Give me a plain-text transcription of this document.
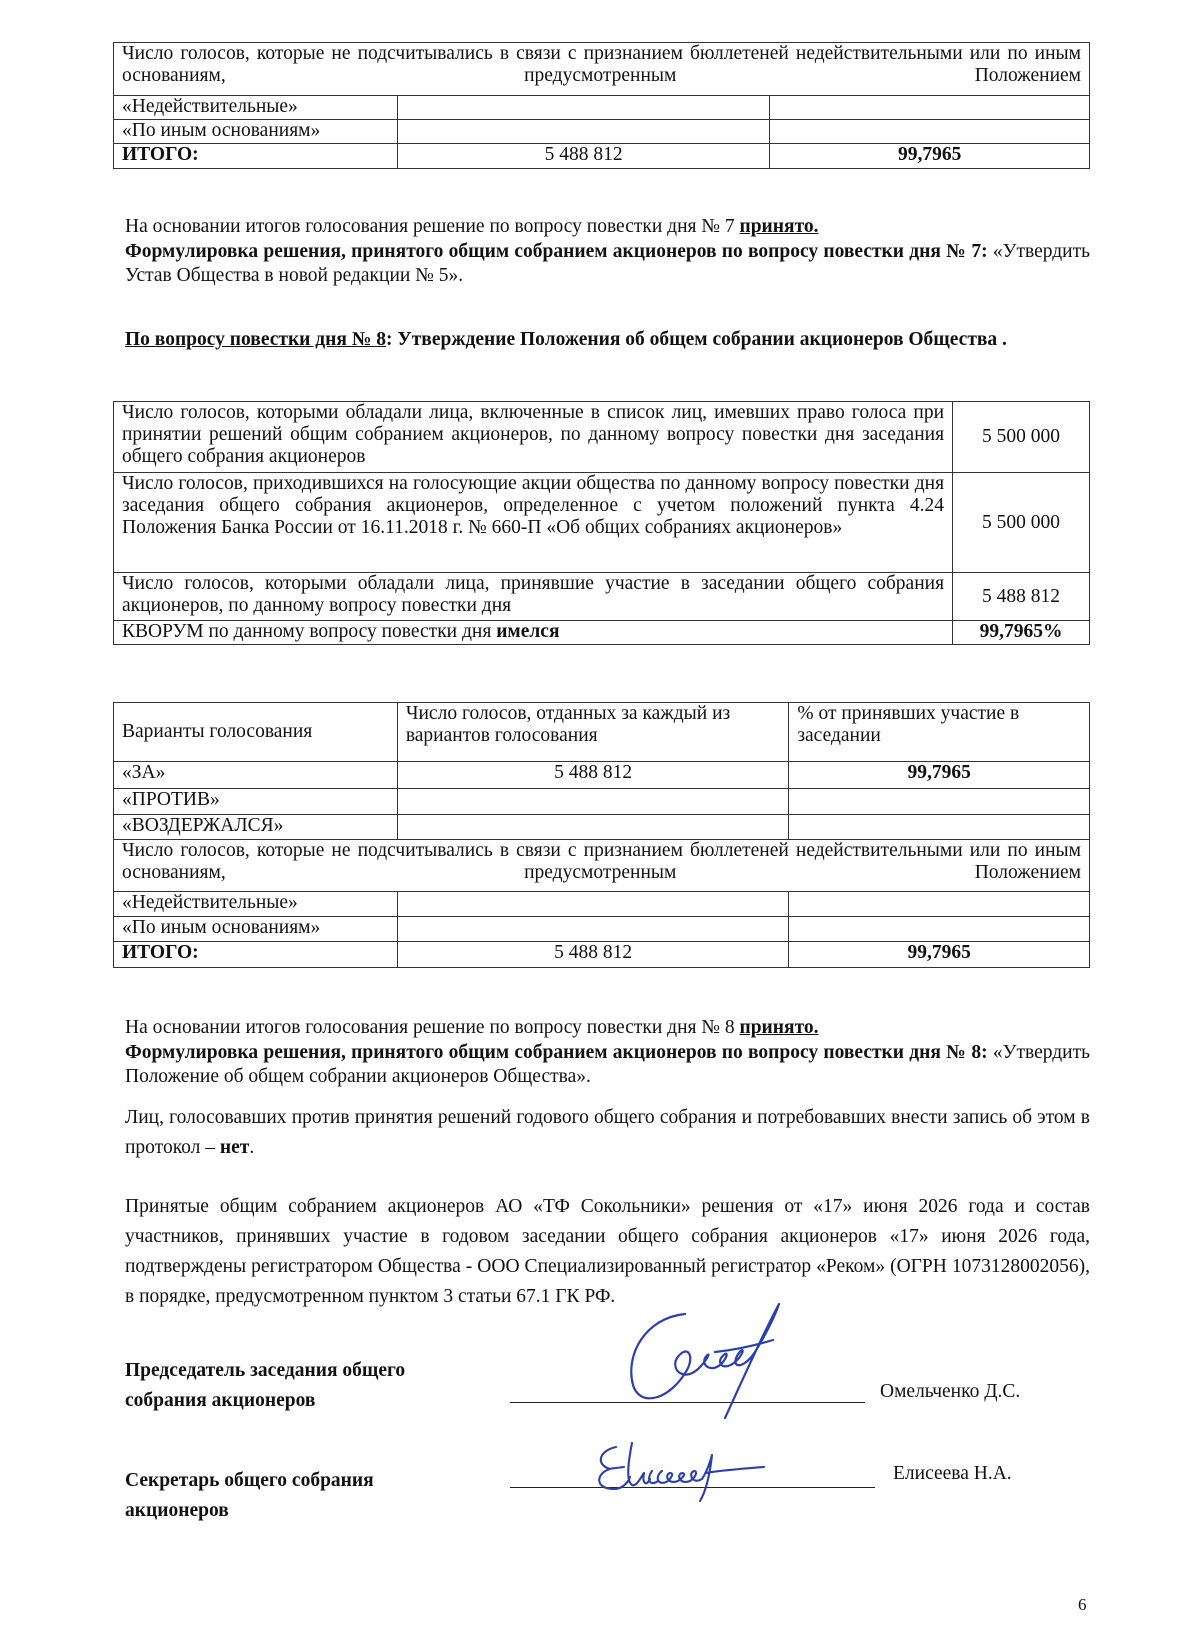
Число голосов, которые не подсчитывались в связи с признанием бюллетеней недействительными или по иным основаниям, предусмотренным Положением		
«Недействительные»		
«По иным основаниям»		
ИТОГО:	5 488 812	99,7965
На основании итогов голосования решение по вопросу повестки дня № 7 принято.
Формулировка решения, принятого общим собранием акционеров по вопросу повестки дня № 7: «Утвердить Устав Общества в новой редакции № 5».
По вопросу повестки дня № 8: Утверждение Положения об общем собрании акционеров Общества .
Число голосов, которыми обладали лица, включенные в список лиц, имевших право голоса при принятии решений общим собранием акционеров, по данному вопросу повестки дня заседания общего собрания акционеров	5 500 000
Число голосов, приходившихся на голосующие акции общества по данному вопросу повестки дня заседания общего собрания акционеров, определенное с учетом положений пункта 4.24 Положения Банка России от 16.11.2018 г. № 660-П «Об общих собраниях акционеров»	5 500 000
Число голосов, которыми обладали лица, принявшие участие в заседании общего собрания акционеров, по данному вопросу повестки дня	5 488 812
КВОРУМ по данному вопросу повестки дня имелся	99,7965%
Варианты голосования	Число голосов, отданных за каждый из вариантов голосования	% от принявших участие в заседании
«ЗА»	5 488 812	99,7965
«ПРОТИВ»		
«ВОЗДЕРЖАЛСЯ»		
Число голосов, которые не подсчитывались в связи с признанием бюллетеней недействительными или по иным основаниям, предусмотренным Положением		
«Недействительные»		
«По иным основаниям»		
ИТОГО:	5 488 812	99,7965
На основании итогов голосования решение по вопросу повестки дня № 8 принято.
Формулировка решения, принятого общим собранием акционеров по вопросу повестки дня № 8: «Утвердить Положение об общем собрании акционеров Общества».
Лиц, голосовавших против принятия решений годового общего собрания и потребовавших внести запись об этом в протокол – нет.
Принятые общим собранием акционеров АО «ТФ Сокольники» решения от «17» июня 2026 года и состав участников, принявших участие в годовом заседании общего собрания акционеров «17» июня 2026 года, подтверждены регистратором Общества - ООО Специализированный регистратор «Реком» (ОГРН 1073128002056), в порядке, предусмотренном пунктом 3 статьи 67.1 ГК РФ.
Председатель заседания общего
собрания акционеров	Омельченко Д.С.
Секретарь общего собрания
акционеров
Елисеева Н.А.
6
